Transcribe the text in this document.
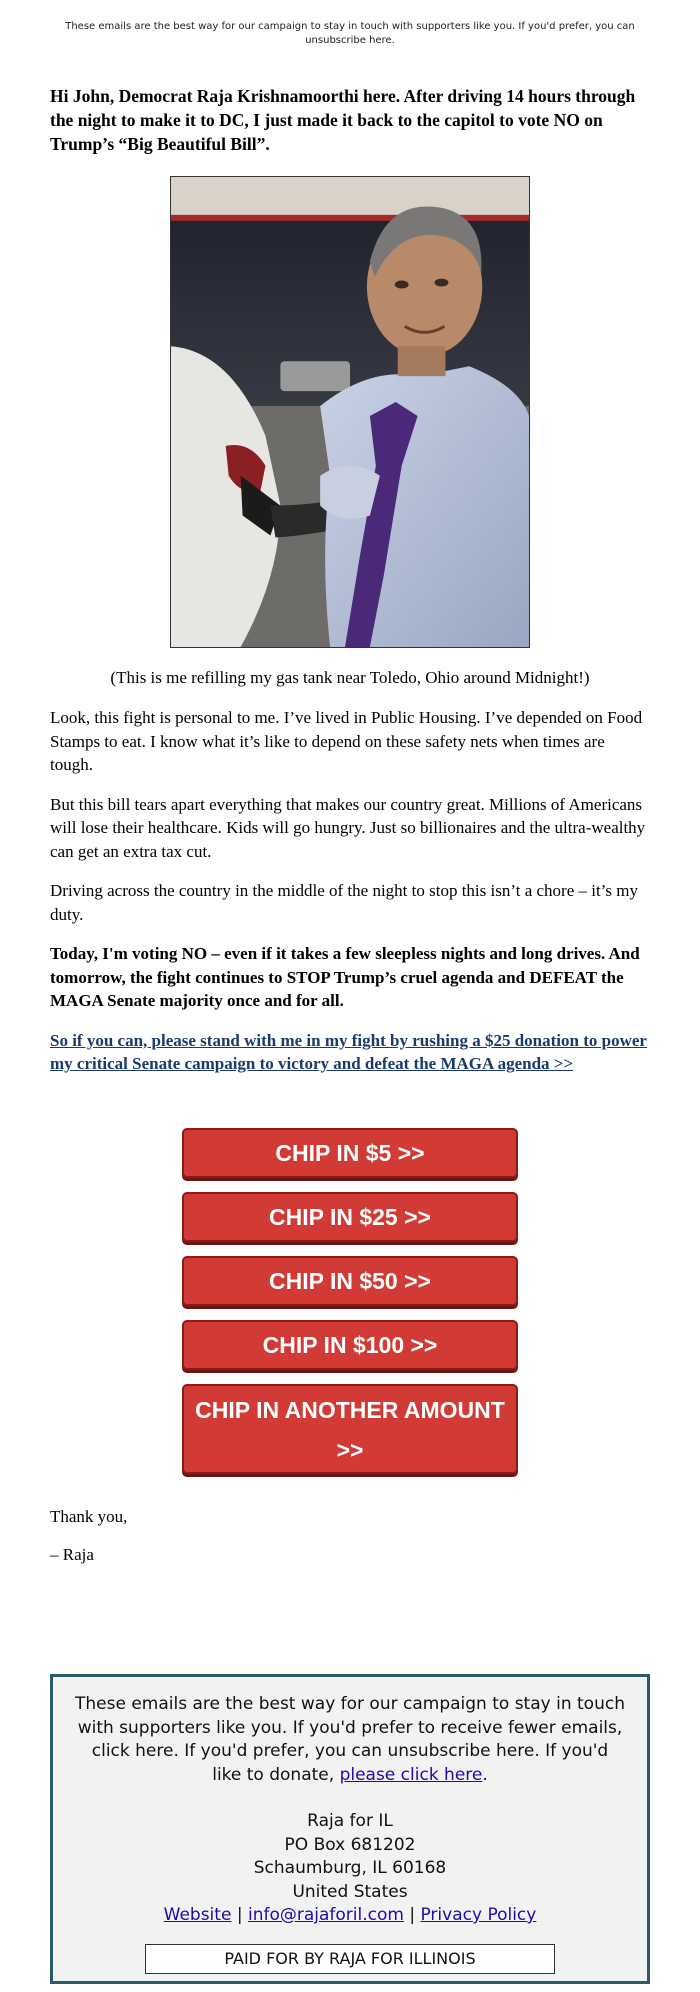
These emails are the best way for our campaign to stay in touch with supporters like you. If you'd prefer, you can unsubscribe here.

Hi John, Democrat Raja Krishnamoorthi here. After driving 14 hours through the night to make it to DC, I just made it back to the capitol to vote NO on Trump’s “Big Beautiful Bill”.

(This is me refilling my gas tank near Toledo, Ohio around Midnight!)

Look, this fight is personal to me. I’ve lived in Public Housing. I’ve depended on Food Stamps to eat. I know what it’s like to depend on these safety nets when times are tough.

But this bill tears apart everything that makes our country great. Millions of Americans will lose their healthcare. Kids will go hungry. Just so billionaires and the ultra-wealthy can get an extra tax cut.

Driving across the country in the middle of the night to stop this isn’t a chore – it’s my duty.

Today, I'm voting NO – even if it takes a few sleepless nights and long drives. And tomorrow, the fight continues to STOP Trump’s cruel agenda and DEFEAT the MAGA Senate majority once and for all.

So if you can, please stand with me in my fight by rushing a $25 donation to power my critical Senate campaign to victory and defeat the MAGA agenda >>
CHIP IN $5 >>
CHIP IN $25 >>
CHIP IN $50 >>
CHIP IN $100 >>
CHIP IN ANOTHER AMOUNT >>

Thank you,

– Raja

These emails are the best way for our campaign to stay in touch with supporters like you. If you'd prefer to receive fewer emails, click here. If you'd prefer, you can unsubscribe here. If you'd like to donate, please click here.
Raja for IL
PO Box 681202
Schaumburg, IL 60168
United States
Website | info@rajaforil.com | Privacy Policy
PAID FOR BY RAJA FOR ILLINOIS
